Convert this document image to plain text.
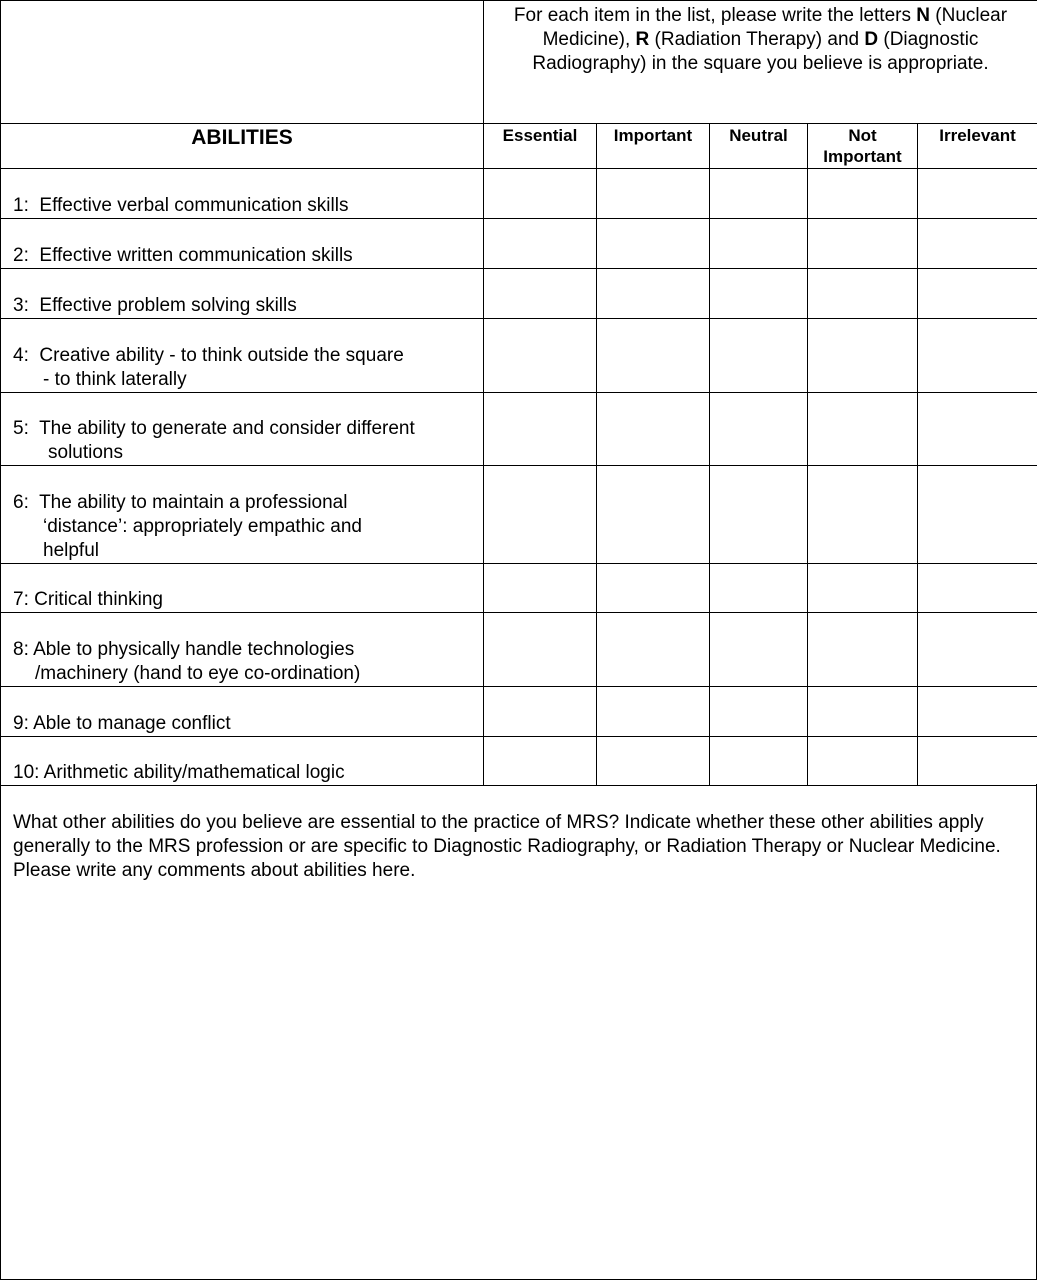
	For each item in the list, please write the letters N (Nuclear Medicine), R (Radiation Therapy) and D (Diagnostic Radiography) in the square you believe is appropriate.				
ABILITIES	Essential	Important	Neutral	Not Important	Irrelevant

1: Effective verbal communication skills					

2: Effective written communication skills					

3: Effective problem solving skills					

4: Creative ability - to think outside the square
- to think laterally					

5: The ability to generate and consider different
solutions					

6: The ability to maintain a professional
‘distance’: appropriately empathic and
helpful					

7: Critical thinking					

8: Able to physically handle technologies
/machinery (hand to eye co-ordination)					

9: Able to manage conflict					

10: Arithmetic ability/mathematical logic					

What other abilities do you believe are essential to the practice of MRS? Indicate whether these other abilities apply generally to the MRS profession or are specific to Diagnostic Radiography, or Radiation Therapy or Nuclear Medicine. Please write any comments about abilities here.
